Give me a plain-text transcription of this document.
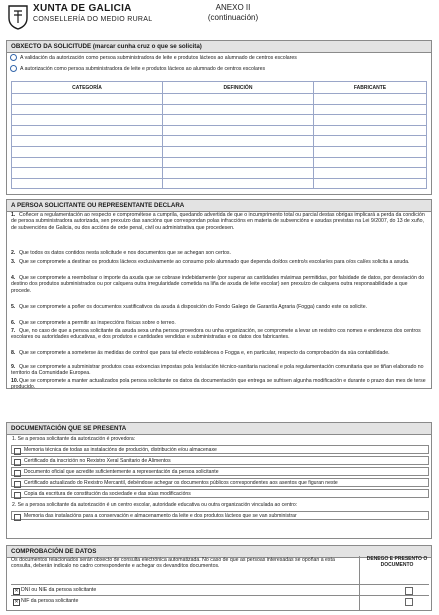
XUNTA DE GALICIA
CONSELLERÍA DO MEDIO RURAL
ANEXO II
(continuación)
OBXECTO DA SOLICITUDE (marcar cunha cruz o que se solicita)
A validación da autorización como persoa subministradora de leite e produtos lácteos ao alumnado de centros escolares
A autorización como persoa subministradora de leite e produtos lácteos ao alumnado de centros escolares
CATEGORÍA	DEFINICIÓN	FABRICANTE

A PERSOA SOLICITANTE OU REPRESENTANTE DECLARA
1. Coñecer a regulamentación ao respecto e comprométese a cumprila, quedando advertida de que o incumprimento total ou parcial destas obrigas implicará a perda da condición de persoa subministradora autorizada, sen prexuízo das sancións que correspondan polas infraccións en materia de subvencións e axudas previstas na Lei 9/2007, do 13 de xuño, de subvencións de Galicia, ou dos accións de orde penal, civil ou administrativa que procedesen.
2. Que todos os datos contidos nesta solicitude e nos documentos que se achegan son certos.
3. Que se compromete a destinar os produtos lácteos exclusivamente ao consumo polo alumnado que dependa do/dos centro/s escolar/es para o/os cal/es solicita a axuda.
4. Que se compromete a reembolsar o importe da axuda que se cobrase indebidamente (por superar as cantidades máximas permitidas, por falsidade de datos, por desviación do destino dos produtos subministrados ou por calquera outra irregularidade cometida na liña de axuda de leite escolar) sen prexuízo de calquera outra responsabilidade a que procede.
5. Que se compromete a poñer os documentos xustificativos da axuda á disposición do Fondo Galego de Garantía Agraria (Fogga) cando este os solicite.
6. Que se compromete a permitir as inspeccións físicas sobre o terreo.
7. Que, no caso de que a persoa solicitante da axuda sexa unha persoa provedora ou unha organización, se compromete a levar un rexistro cos nomes e enderezos dos centros escolares ou autoridades educativas, e dos produtos e cantidades vendidas e subministradas e os datos dos fabricantes.
8. Que se compromete a someterse ás medidas de control que para tal efecto establecea o Fogga e, en particular, respecto da comprobación da súa contabilidade.
9. Que se compromete a subministrar produtos coas exixencias impostas pola lexislación técnico-sanitaria nacional e pola regulamentación comunitaria que se tiñan elaborado no territorio da Comunidade Europea.
10.Que se compromete a manter actualizados pola persoa solicitante os datos da documentación que entrega se sufrisen algunha modificación e durante o prazo dun mes de terse producido.
DOCUMENTACIÓN QUE SE PRESENTA
1. Se a persoa solicitante da autorización é provedora:
Memoria técnica de todas as instalacións de produción, distribución e/ou almacenaxe
Certificado da inscrición no Rexistro Xeral Sanitario de Alimentos
Documento oficial que acredite suficientemente a representación da persoa solicitante
Certificado actualizado do Rexistro Mercantil, debéndose achegar os documentos públicos correspondentes aos asentos que figuran neste
Copia da escritura de constitución da sociedade e das súas modificacións
2. Se a persoa solicitante da autorización é un centro escolar, autoridade educativa ou outra organización vinculada ao centro:
Memoria das instalacións para a conservación e almacenamento da leite e dos produtos lácteos que se van subministrar
COMPROBACIÓN DE DATOS
Os documentos relacionados serán obxecto de consulta electrónica automatizada. No caso de que as persoas interesadas se opoñan a esta consulta, deberán indicalo no cadro correspondente e achegar os devanditos documentos.
DENEGO E PRESENTO O DOCUMENTO
✕ DNI ou NIE da persoa solicitante
✕ NIF da persoa solicitante
